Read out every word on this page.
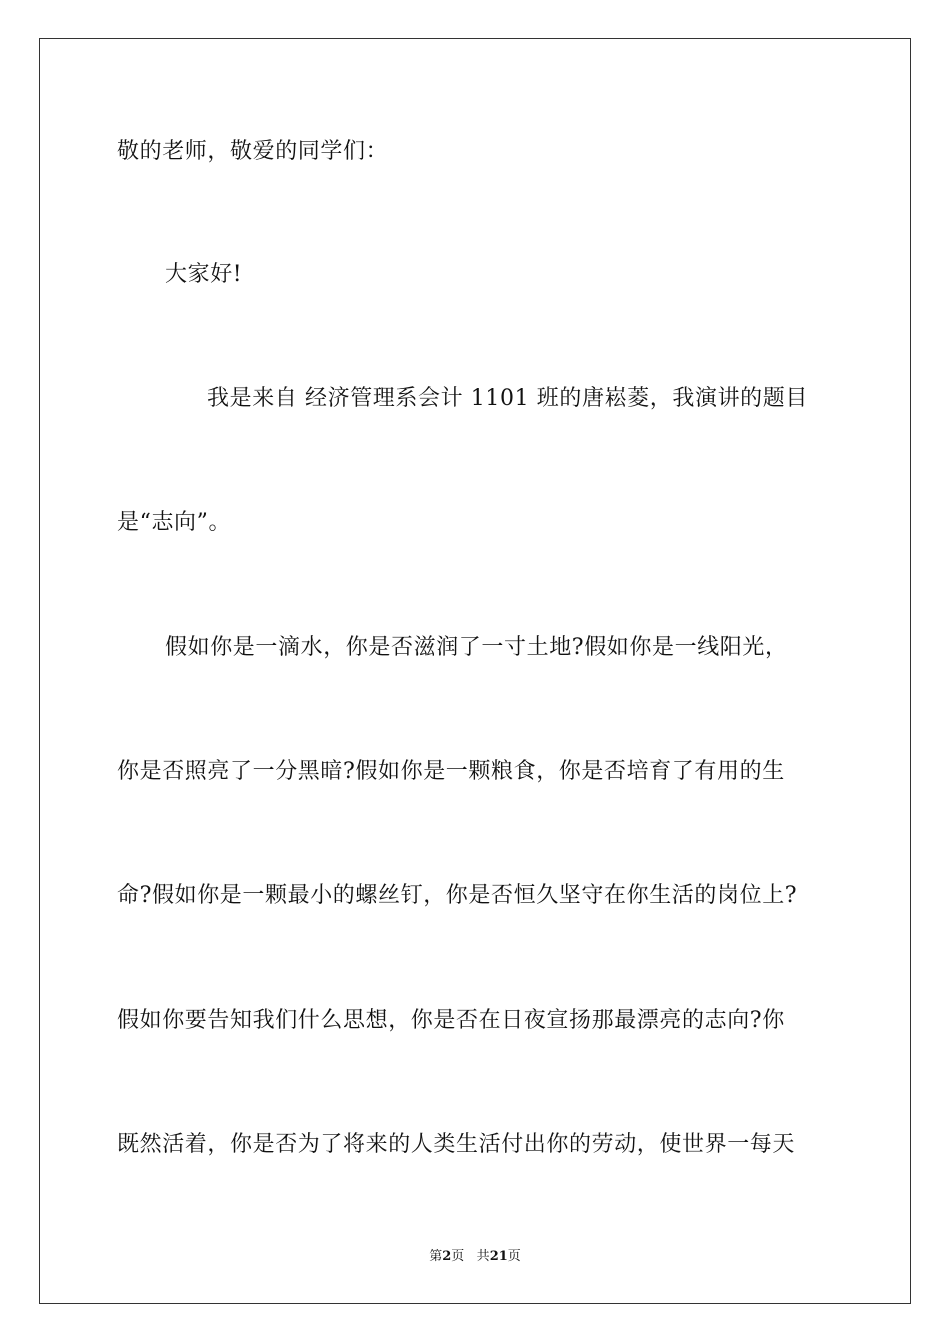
敬的老师，敬爱的同学们：
大家好!
我是来自 经济管理系会计 1101 班的唐崧菱，我演讲的题目
是“志向”。
假如你是一滴水，你是否滋润了一寸土地?假如你是一线阳光，
你是否照亮了一分黑暗?假如你是一颗粮食，你是否培育了有用的生
命?假如你是一颗最小的螺丝钉，你是否恒久坚守在你生活的岗位上?
假如你要告知我们什么思想，你是否在日夜宣扬那最漂亮的志向?你
既然活着，你是否为了将来的人类生活付出你的劳动，使世界一每天
第2页 共21页
